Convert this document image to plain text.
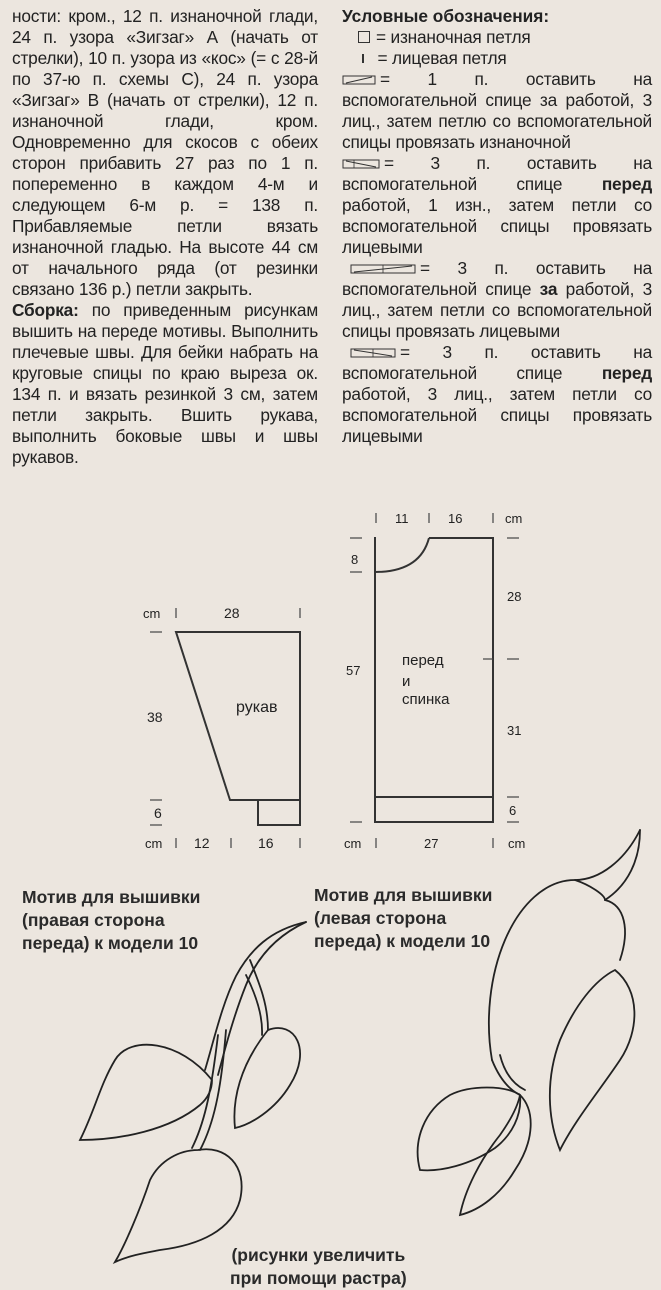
ности: кром., 12 п. изнаночной глади, 24 п. узора «Зигзаг» А (начать от стрелки), 10 п. узора из «кос» (= с 28-й по 37-ю п. схемы С), 24 п. узора «Зигзаг» В (начать от стрелки), 12 п. изнаночной глади, кром. Одновременно для скосов с обеих сторон прибавить 27 раз по 1 п. попеременно в каждом 4-м и следующем 6-м р. = 138 п. Прибавляемые петли вязать изнаночной гладью. На высоте 44 см от начального ряда (от резинки связано 136 р.) петли закрыть.

Сборка: по приведенным рисункам вышить на переде мотивы. Выполнить плечевые швы. Для бейки набрать на круговые спицы по краю выреза ок. 134 п. и вязать резинкой 3 см, затем петли закрыть. Вшить рукава, выполнить боковые швы и швы рукавов.

Условные обозначения:

= изнаночная петля

= лицевая петля

= 1 п. оставить на вспомогательной спице за работой, 3 лиц., затем петлю со вспомогательной спицы провязать изнаночной

= 3 п. оставить на вспомогательной спице перед работой, 1 изн., затем петли со вспомогательной спицы провязать лицевыми

= 3 п. оставить на вспомогательной спице за работой, 3 лиц., затем петли со вспомогательной спицы провязать лицевыми

= 3 п. оставить на вспомогательной спице перед работой, 3 лиц., затем петли со вспомогательной спицы провязать лицевыми

cm	28
38
6
рукав
cm 12	16
11	16	cm
8
28
57
31
6
перед
и
спинка
cm	27	cm
Мотив для вышивки
(правая сторона
переда) к модели 10
Мотив для вышивки
(левая сторона
переда) к модели 10
(рисунки увеличить
при помощи растра)
